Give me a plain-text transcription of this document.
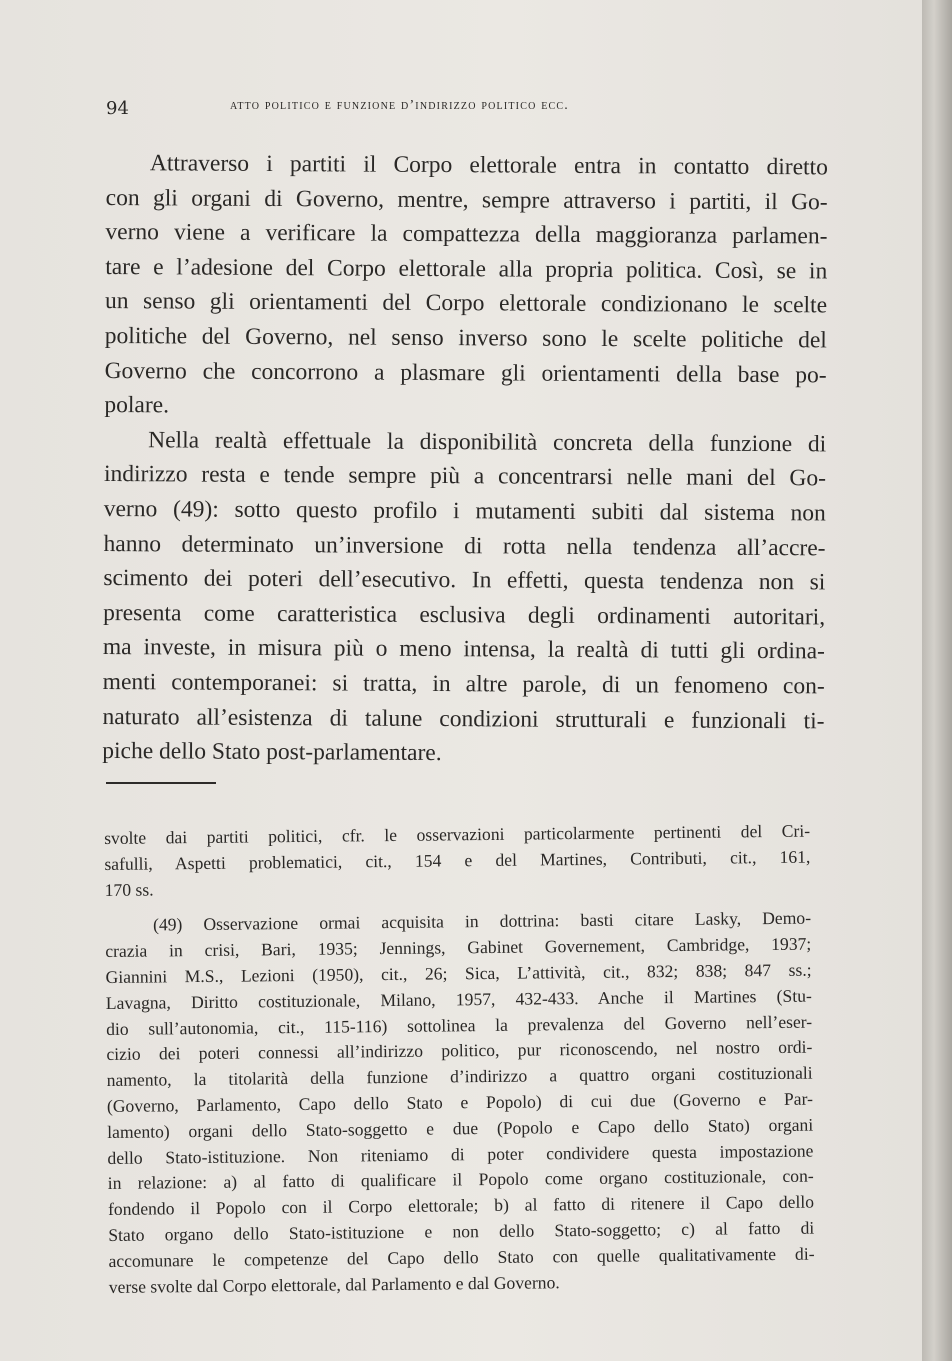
94	atto politico e funzione d’indirizzo politico ecc.
Attraverso i partiti il Corpo elettorale entra in contatto diretto
con gli organi di Governo, mentre, sempre attraverso i partiti, il Go-
verno viene a verificare la compattezza della maggioranza parlamen-
tare e l’adesione del Corpo elettorale alla propria politica. Così, se in
un senso gli orientamenti del Corpo elettorale condizionano le scelte
politiche del Governo, nel senso inverso sono le scelte politiche del
Governo che concorrono a plasmare gli orientamenti della base po-
polare.
Nella realtà effettuale la disponibilità concreta della funzione di
indirizzo resta e tende sempre più a concentrarsi nelle mani del Go-
verno (49): sotto questo profilo i mutamenti subiti dal sistema non
hanno determinato un’inversione di rotta nella tendenza all’accre-
scimento dei poteri dell’esecutivo. In effetti, questa tendenza non si
presenta come caratteristica esclusiva degli ordinamenti autoritari,
ma investe, in misura più o meno intensa, la realtà di tutti gli ordina-
menti contemporanei: si tratta, in altre parole, di un fenomeno con-
naturato all’esistenza di talune condizioni strutturali e funzionali ti-
piche dello Stato post-parlamentare.
svolte dai partiti politici, cfr. le osservazioni particolarmente pertinenti del Cri-
safulli, Aspetti problematici, cit., 154 e del Martines, Contributi, cit., 161,
170 ss.
(49) Osservazione ormai acquisita in dottrina: basti citare Lasky, Demo-
crazia in crisi, Bari, 1935; Jennings, Gabinet Governement, Cambridge, 1937;
Giannini M.S., Lezioni (1950), cit., 26; Sica, L’attività, cit., 832; 838; 847 ss.;
Lavagna, Diritto costituzionale, Milano, 1957, 432-433. Anche il Martines (Stu-
dio sull’autonomia, cit., 115-116) sottolinea la prevalenza del Governo nell’eser-
cizio dei poteri connessi all’indirizzo politico, pur riconoscendo, nel nostro ordi-
namento, la titolarità della funzione d’indirizzo a quattro organi costituzionali
(Governo, Parlamento, Capo dello Stato e Popolo) di cui due (Governo e Par-
lamento) organi dello Stato-soggetto e due (Popolo e Capo dello Stato) organi
dello Stato-istituzione. Non riteniamo di poter condividere questa impostazione
in relazione: a) al fatto di qualificare il Popolo come organo costituzionale, con-
fondendo il Popolo con il Corpo elettorale; b) al fatto di ritenere il Capo dello
Stato organo dello Stato-istituzione e non dello Stato-soggetto; c) al fatto di
accomunare le competenze del Capo dello Stato con quelle qualitativamente di-
verse svolte dal Corpo elettorale, dal Parlamento e dal Governo.
